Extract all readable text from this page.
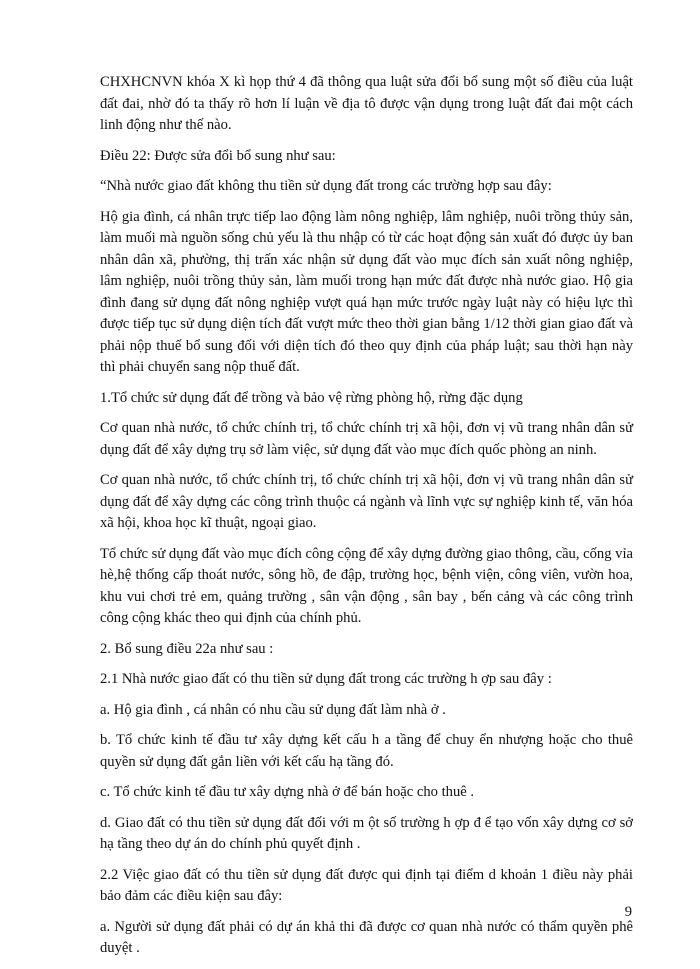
CHXHCNVN khóa X kì họp thứ 4 đã thông qua luật sửa đổi bổ sung một số điều của luật đất đai, nhờ đó ta thấy rõ hơn lí luận về địa tô được vận dụng trong luật đất đai một cách linh động như thế nào.

Điều 22: Được sửa đổi bổ sung như sau:

“Nhà nước giao đất không thu tiền sử dụng đất trong các trường hợp sau đây:

Hộ gia đình, cá nhân trực tiếp lao động làm nông nghiệp, lâm nghiệp, nuôi trồng thủy sản, làm muối mà nguồn sống chủ yếu là thu nhập có từ các hoạt động sản xuất đó được ủy ban nhân dân xã, phường, thị trấn xác nhận sử dụng đất vào mục đích sản xuất nông nghiệp, lâm nghiệp, nuôi trồng thủy sản, làm muối trong hạn mức đất được nhà nước giao. Hộ gia đình đang sử dụng đất nông nghiệp vượt quá hạn mức trước ngày luật này có hiệu lực thì được tiếp tục sử dụng diện tích đất vượt mức theo thời gian bằng 1/12 thời gian giao đất và phải nộp thuế bổ sung đối với diện tích đó theo quy định của pháp luật; sau thời hạn này thì phải chuyển sang nộp thuế đất.

1.Tổ chức sử dụng đất để trồng và bảo vệ rừng phòng hộ, rừng đặc dụng

Cơ quan nhà nước, tổ chức chính trị, tổ chức chính trị xã hội, đơn vị vũ trang nhân dân sử dụng đất để xây dựng trụ sở làm việc, sử dụng đất vào mục đích quốc phòng an ninh.

Cơ quan nhà nước, tổ chức chính trị, tổ chức chính trị xã hội, đơn vị vũ trang nhân dân sử dụng đất để xây dựng các công trình thuộc cá ngành và lĩnh vực sự nghiệp kinh tế, văn hóa xã hội, khoa học kĩ thuật, ngoại giao.

Tổ chức sử dụng đất vào mục đích công cộng để xây dựng đường giao thông, cầu, cống vỉa hè,hệ thống cấp thoát nước, sông hồ, đe đập, trường học, bệnh viện, công viên, vườn hoa, khu vui chơi trẻ em, quảng trường , sân vận động , sân bay , bến cảng và các công trình công cộng khác theo qui định của chính phủ.

2. Bổ sung điều 22a như sau :

2.1 Nhà nước giao đất có thu tiền sử dụng đất trong các trường h ợp sau đây :

a. Hộ gia đình , cá nhân có nhu cầu sử dụng đất làm nhà ở .

b. Tổ chức kinh tế đầu tư xây dựng kết cấu h a tầng để chuy ển nhượng hoặc cho thuê quyền sử dụng đất gắn liền với kết cấu hạ tầng đó.

c. Tổ chức kinh tế đầu tư xây dựng nhà ở để bán hoặc cho thuê .

d. Giao đất có thu tiền sử dụng đất đối với m ột số trường h ợp đ ể tạo vốn xây dựng cơ sở hạ tầng theo dự án do chính phủ quyết định .

2.2 Việc giao đất có thu tiền sử dụng đất được qui định tại điểm d khoản 1 điều này phải bảo đảm các điều kiện sau đây:

a. Người sử dụng đất phải có dự án khả thi đã được cơ quan nhà nước có thẩm quyền phê duyệt .

9
